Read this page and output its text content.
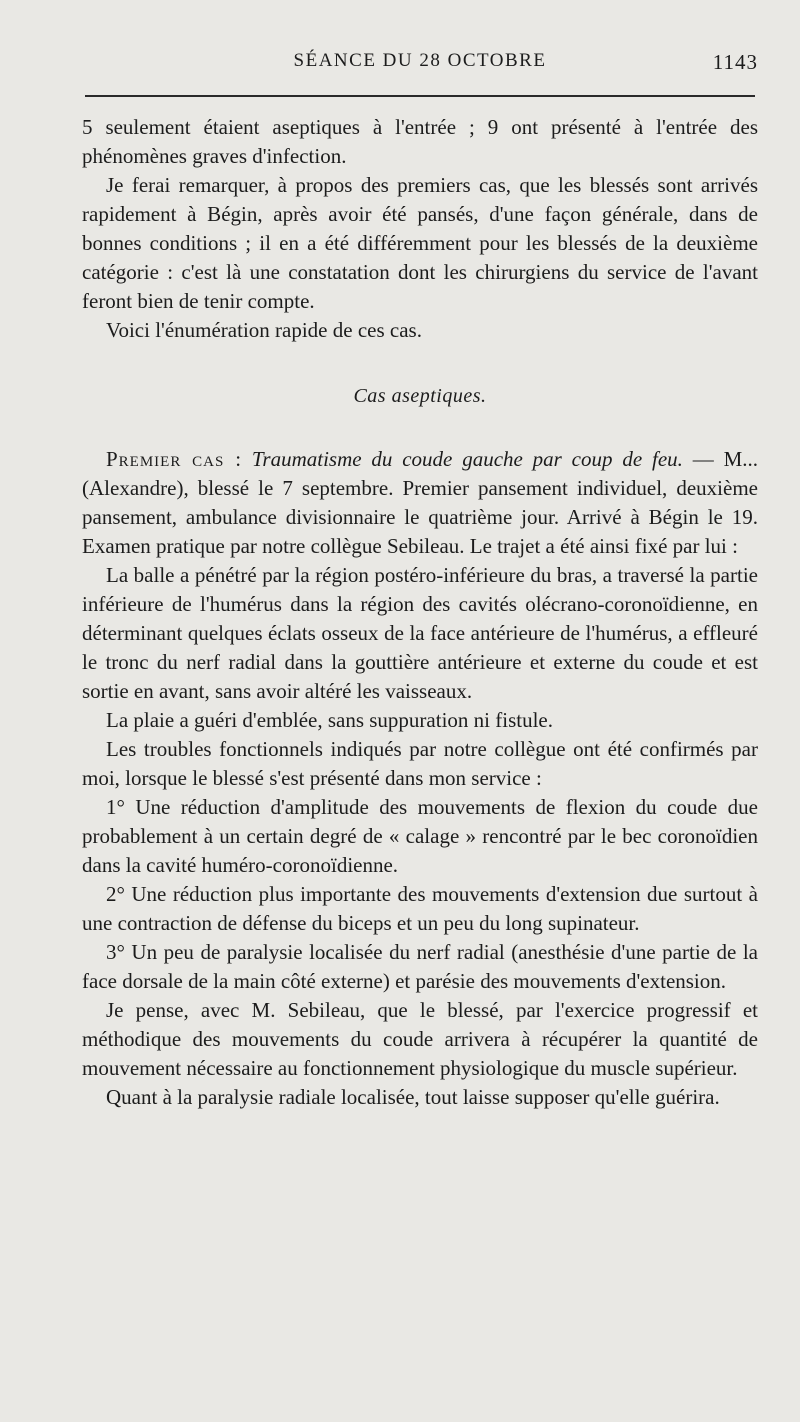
SÉANCE DU 28 OCTOBRE	1143

5 seulement étaient aseptiques à l'entrée ; 9 ont présenté à l'entrée des phénomènes graves d'infection.

Je ferai remarquer, à propos des premiers cas, que les blessés sont arrivés rapidement à Bégin, après avoir été pansés, d'une façon générale, dans de bonnes conditions ; il en a été différemment pour les blessés de la deuxième catégorie : c'est là une constatation dont les chirurgiens du service de l'avant feront bien de tenir compte.

Voici l'énumération rapide de ces cas.

Cas aseptiques.

Premier cas : Traumatisme du coude gauche par coup de feu. — M... (Alexandre), blessé le 7 septembre. Premier pansement individuel, deuxième pansement, ambulance divisionnaire le quatrième jour. Arrivé à Bégin le 19. Examen pratique par notre collègue Sebileau. Le trajet a été ainsi fixé par lui :

La balle a pénétré par la région postéro-inférieure du bras, a traversé la partie inférieure de l'humérus dans la région des cavités olécrano-coronoïdienne, en déterminant quelques éclats osseux de la face antérieure de l'humérus, a effleuré le tronc du nerf radial dans la gouttière antérieure et externe du coude et est sortie en avant, sans avoir altéré les vaisseaux.

La plaie a guéri d'emblée, sans suppuration ni fistule.

Les troubles fonctionnels indiqués par notre collègue ont été confirmés par moi, lorsque le blessé s'est présenté dans mon service :

1° Une réduction d'amplitude des mouvements de flexion du coude due probablement à un certain degré de « calage » rencontré par le bec coronoïdien dans la cavité huméro-coronoïdienne.

2° Une réduction plus importante des mouvements d'extension due surtout à une contraction de défense du biceps et un peu du long supinateur.

3° Un peu de paralysie localisée du nerf radial (anesthésie d'une partie de la face dorsale de la main côté externe) et parésie des mouvements d'extension.

Je pense, avec M. Sebileau, que le blessé, par l'exercice progressif et méthodique des mouvements du coude arrivera à récupérer la quantité de mouvement nécessaire au fonctionnement physiologique du muscle supérieur.

Quant à la paralysie radiale localisée, tout laisse supposer qu'elle guérira.
